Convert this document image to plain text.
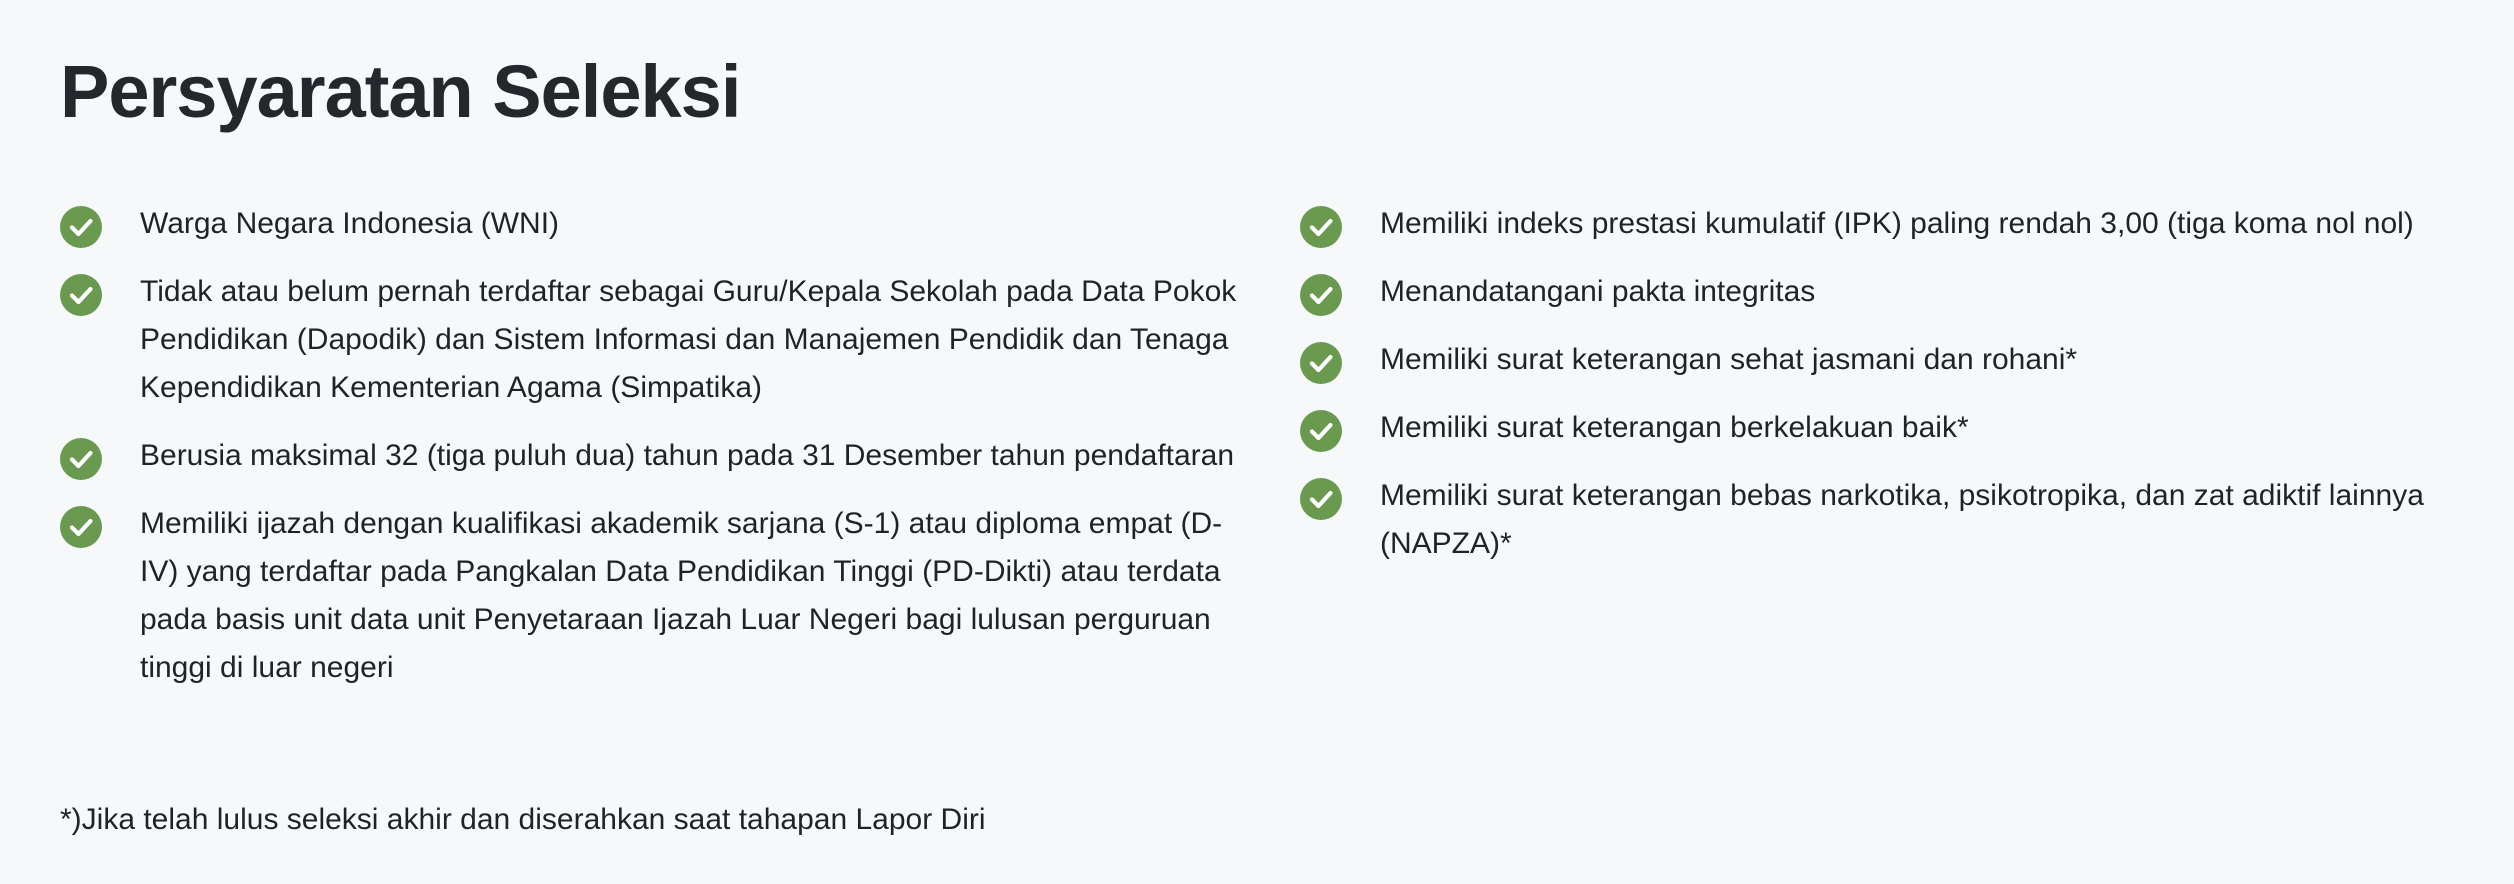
Persyaratan Seleksi
Warga Negara Indonesia (WNI)
Tidak atau belum pernah terdaftar sebagai Guru/Kepala Sekolah pada Data Pokok Pendidikan (Dapodik) dan Sistem Informasi dan Manajemen Pendidik dan Tenaga Kependidikan Kementerian Agama (Simpatika)
Berusia maksimal 32 (tiga puluh dua) tahun pada 31 Desember tahun pendaftaran
Memiliki ijazah dengan kualifikasi akademik sarjana (S-1) atau diploma empat (D-IV) yang terdaftar pada Pangkalan Data Pendidikan Tinggi (PD-Dikti) atau terdata pada basis unit data unit Penyetaraan Ijazah Luar Negeri bagi lulusan perguruan tinggi di luar negeri
Memiliki indeks prestasi kumulatif (IPK) paling rendah 3,00 (tiga koma nol nol)
Menandatangani pakta integritas
Memiliki surat keterangan sehat jasmani dan rohani*
Memiliki surat keterangan berkelakuan baik*
Memiliki surat keterangan bebas narkotika, psikotropika, dan zat adiktif lainnya (NAPZA)*

*)Jika telah lulus seleksi akhir dan diserahkan saat tahapan Lapor Diri
